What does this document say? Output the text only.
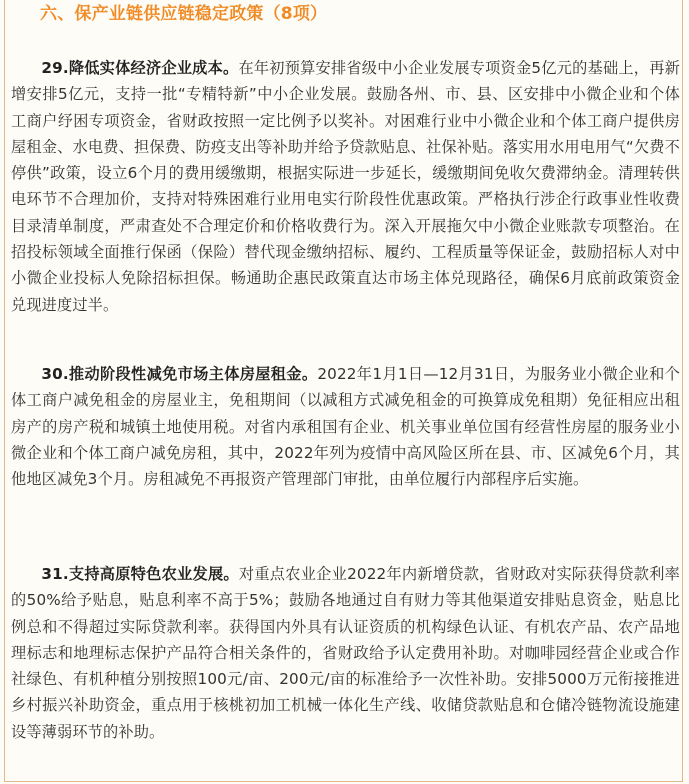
六、保产业链供应链稳定政策（8项）

29.降低实体经济企业成本。在年初预算安排省级中小企业发展专项资金5亿元的基础上，再新增安排5亿元，支持一批“专精特新”中小企业发展。鼓励各州、市、县、区安排中小微企业和个体工商户纾困专项资金，省财政按照一定比例予以奖补。对困难行业中小微企业和个体工商户提供房屋租金、水电费、担保费、防疫支出等补助并给予贷款贴息、社保补贴。落实用水用电用气“欠费不停供”政策，设立6个月的费用缓缴期，根据实际进一步延长，缓缴期间免收欠费滞纳金。清理转供电环节不合理加价，支持对特殊困难行业用电实行阶段性优惠政策。严格执行涉企行政事业性收费目录清单制度，严肃查处不合理定价和价格收费行为。深入开展拖欠中小微企业账款专项整治。在招投标领域全面推行保函（保险）替代现金缴纳招标、履约、工程质量等保证金，鼓励招标人对中小微企业投标人免除招标担保。畅通助企惠民政策直达市场主体兑现路径，确保6月底前政策资金兑现进度过半。

30.推动阶段性减免市场主体房屋租金。2022年1月1日—12月31日，为服务业小微企业和个体工商户减免租金的房屋业主，免租期间（以减租方式减免租金的可换算成免租期）免征相应出租房产的房产税和城镇土地使用税。对省内承租国有企业、机关事业单位国有经营性房屋的服务业小微企业和个体工商户减免房租，其中，2022年列为疫情中高风险区所在县、市、区减免6个月，其他地区减免3个月。房租减免不再报资产管理部门审批，由单位履行内部程序后实施。

31.支持高原特色农业发展。对重点农业企业2022年内新增贷款，省财政对实际获得贷款利率的50%给予贴息，贴息利率不高于5%；鼓励各地通过自有财力等其他渠道安排贴息资金，贴息比例总和不得超过实际贷款利率。获得国内外具有认证资质的机构绿色认证、有机农产品、农产品地理标志和地理标志保护产品符合相关条件的，省财政给予认定费用补助。对咖啡园经营企业或合作社绿色、有机种植分别按照100元/亩、200元/亩的标准给予一次性补助。安排5000万元衔接推进乡村振兴补助资金，重点用于核桃初加工机械一体化生产线、收储贷款贴息和仓储冷链物流设施建设等薄弱环节的补助。
